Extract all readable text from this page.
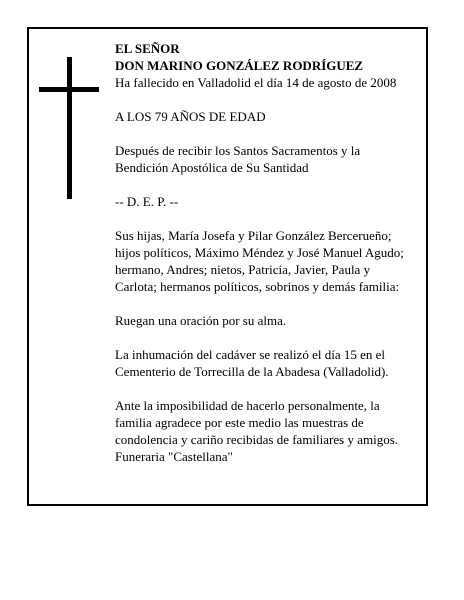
EL SEÑOR
DON MARINO GONZÁLEZ RODRÍGUEZ
Ha fallecido en Valladolid el día 14 de agosto de 2008
A LOS 79 AÑOS DE EDAD
Después de recibir los Santos Sacramentos y la
Bendición Apostólica de Su Santidad
-- D. E. P. --
Sus hijas, María Josefa y Pilar González Bercerueño;
hijos políticos, Máximo Méndez y José Manuel Agudo;
hermano, Andres; nietos, Patricia, Javier, Paula y
Carlota; hermanos políticos, sobrinos y demás familia:
Ruegan una oración por su alma.
La inhumación del cadáver se realizó el día 15 en el
Cementerio de Torrecilla de la Abadesa (Valladolid).
Ante la imposibilidad de hacerlo personalmente, la
familia agradece por este medio las muestras de
condolencia y cariño recibidas de familiares y amigos.
Funeraria "Castellana"
